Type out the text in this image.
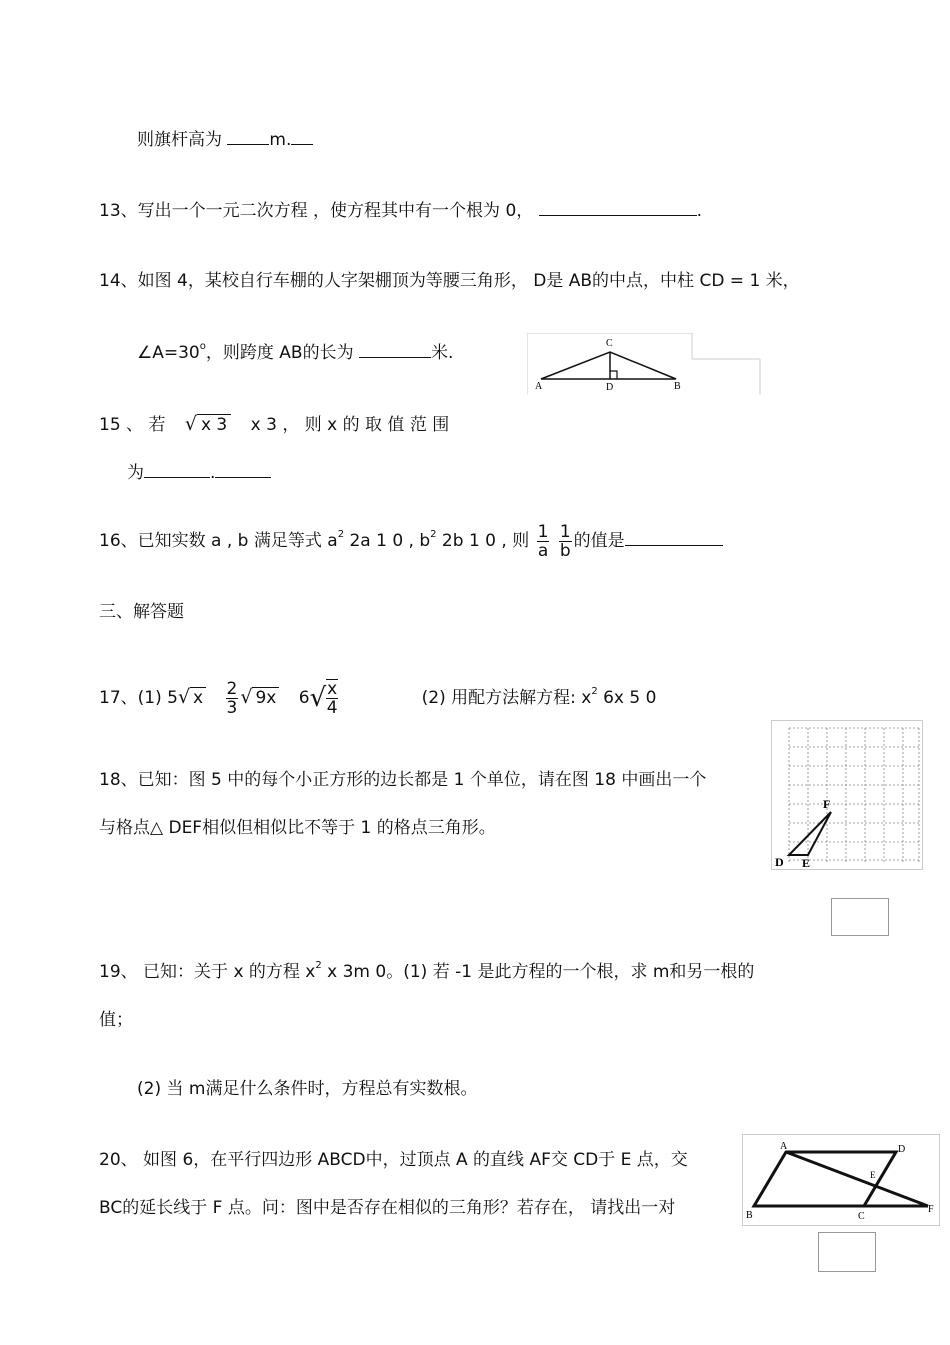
则旗杆高为	m.
13、写出一个一元二次方程 ，使方程其中有一个根为 0，	.
14、如图 4，某校自行车棚的人字架棚顶为等腰三角形， D是 AB的中点，中柱 CD = 1 米，
$\angle A=30^o$，则跨度 AB的长为	米.	C
A	D	B
15 、 若 √ x 3 x 3 ， 则 x 的 取 值 范 围
为	.
16、已知实数 a , b 满足等式 $a^2$ 2a 1 0 , $b^2$ 2b 1 0 , 则 $\frac{1}{a}$
$\frac{1}{b}$ 的值是
三、解答题
17、(1) 5√ x $\frac{2}{3}$ √ 9x $6√ \frac{x}{4}$	(2) 用配方法解方程: $x^2$ 6x 5 0
18、已知：图 5 中的每个小正方形的边长都是 1 个单位，请在图 18 中画出一个
与格点△ DEF相似但相似比不等于 1 的格点三角形。
F
D E
19、 已知：关于 x 的方程 $x^2$ x 3m 0。(1) 若 -1 是此方程的一个根，求 m和另一根的
值；
(2) 当 m满足什么条件时，方程总有实数根。
20、 如图 6，在平行四边形 ABCD中，过顶点 A 的直线 AF交 CD于 E 点，交
BC的延长线于 F 点。问：图中是否存在相似的三角形？若存在， 请找出一对
A	D
E
B	C
F
